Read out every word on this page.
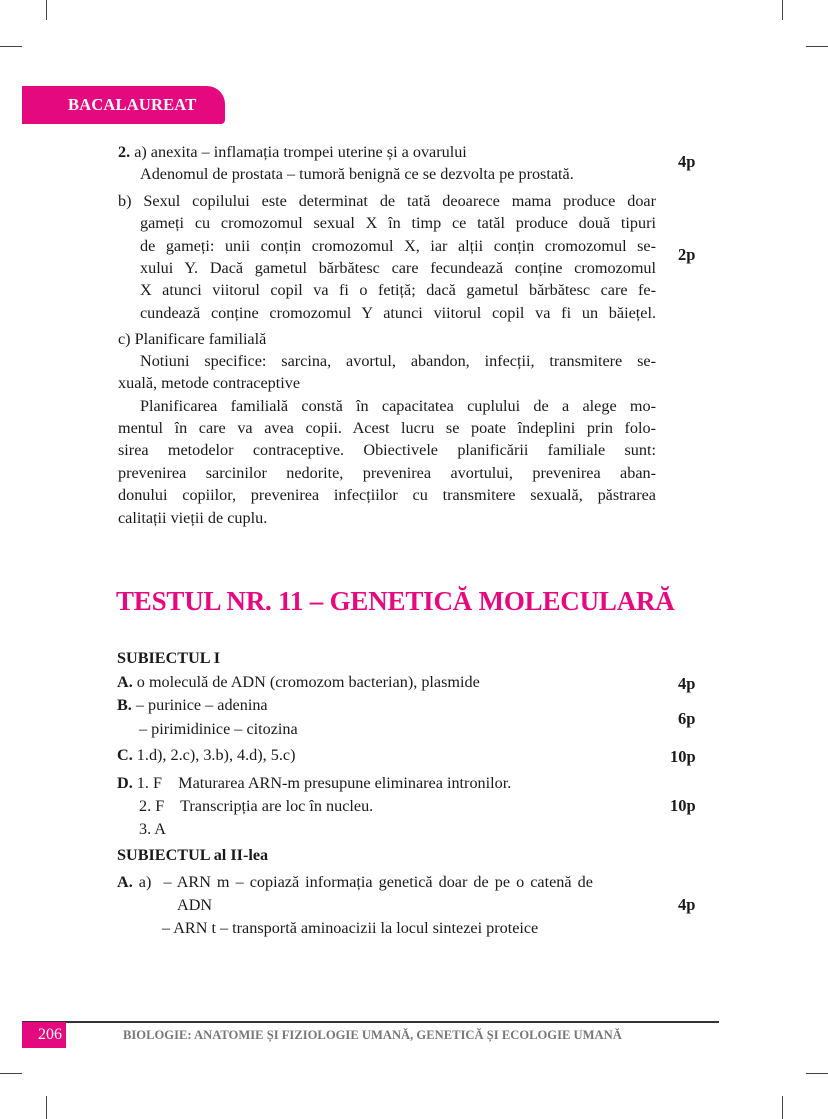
BACALAUREAT
2. a) anexita – inflamația trompei uterine și a ovarului
Adenomul de prostata – tumoră benignă ce se dezvolta pe prostată.
4p
b) Sexul copilului este determinat de tată deoarece mama produce doar
gameți cu cromozomul sexual X în timp ce tatăl produce două tipuri
de gameți: unii conțin cromozomul X, iar alții conțin cromozomul se-
xului Y. Dacă gametul bărbătesc care fecundează conține cromozomul
X atunci viitorul copil va fi o fetiță; dacă gametul bărbătesc care fe-
cundează conține cromozomul Y atunci viitorul copil va fi un băiețel.
2p
c) Planificare familială
Notiuni specifice: sarcina, avortul, abandon, infecții, transmitere se-
xuală, metode contraceptive
Planificarea familială constă în capacitatea cuplului de a alege mo-
mentul în care va avea copii. Acest lucru se poate îndeplini prin folo-
sirea metodelor contraceptive. Obiectivele planificării familiale sunt:
prevenirea sarcinilor nedorite, prevenirea avortului, prevenirea aban-
donului copiilor, prevenirea infecțiilor cu transmitere sexuală, păstrarea
calitații vieții de cuplu.
TESTUL NR. 11 – GENETICĂ MOLECULARĂ
SUBIECTUL I
A. o moleculă de ADN (cromozom bacterian), plasmide	4p
B. – purinice – adenina
– pirimidinice – citozina
6p
C. 1.d), 2.c), 3.b), 4.d), 5.c)	10p
D. 1. F    Maturarea ARN-m presupune eliminarea intronilor.
2. F    Transcripția are loc în nucleu.
3. A
10p
SUBIECTUL al II-lea
A. a)  – ARN m – copiază informația genetică doar de pe o catenă de
ADN
– ARN t – transportă aminoacizii la locul sintezei proteice
4p
206	BIOLOGIE: ANATOMIE ȘI FIZIOLOGIE UMANĂ, GENETICĂ ȘI ECOLOGIE UMANĂ
